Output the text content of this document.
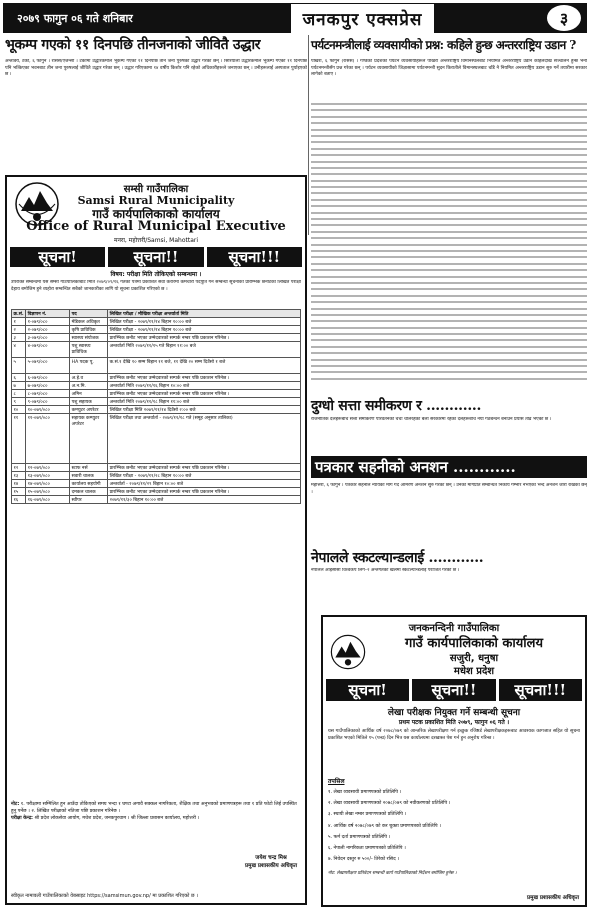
२०७९ फागुन ०६ गते शनिबार	जनकपुर एक्सप्रेस	३
भूकम्प गएको ११ दिनपछि तीनजनाको जीवितै उद्धार
अन्ताक्य, टर्की, ६ फागुन । रासस/एजेन्सी । टर्कीमा उद्धारकर्मीले भूकम्प गएको ११ दिनपछि तीन जना पुरुषको उद्धार गरेका छन् । सिरियाली उद्धारकर्मीले भूकम्प गएको ११ दिनपछि पनि भत्किएका भवनबाट तीन जना पुरुषलाई जीवितै उद्धार गरेका छन् । उद्धार गरिएकामा १४ वर्षीय किशोर पनि रहेको अधिकारीहरूले जनाएका छन् । उनीहरूलाई अस्पताल पुर्याइएको छ ।
पर्यटनमन्त्रीलाई व्यवसायीको प्रश्न: कहिले हुन्छ अन्तरराष्ट्रिय उडान ?
पोखरा, ६ फागुन (रासस) । गण्डकी प्रदेशका पर्यटन व्यवसायीहरूले पोखरा अन्तरराष्ट्रिय विमानस्थलबाट नियमित अन्तरराष्ट्रिय उडान कहिलेदेखि सञ्चालन हुन्छ भनी पर्यटनमन्त्रीसँग प्रश्न गरेका छन् । पर्यटन व्यवसायीको जिज्ञासामा पर्यटनमन्त्री सुदन किरातीले विमानस्थलबाट चाँडै नै नियमित अन्तरराष्ट्रिय उडान सुरु गर्ने तयारीमा सरकार लागेको बताए ।
सम्सी गाउँपालिका
Samsi Rural Municipality
गाउँ कार्यपालिकाको कार्यालय
Office of Rural Municipal Executive
मनरा, महोत्तरी/Samsi, Mahottari
सूचना!	सूचना!!	सूचना!!!
विषय: परीक्षा मिति तोकिएको सम्बन्धमा ।
उपरोक्त सम्बन्धमा यस सम्सी गाउँपालिकाबाट मिति २०७९/०९/१६ गतेका पत्रमा प्रकाशित सेवा करारमा कर्मचारी पदपूर्ति गर्ने सम्बन्धी सूचनाको प्रारम्भिक छनौटको लिखित परीक्षा देहाय बमोजिम हुने व्यहोरा सम्बन्धित सबैको जानकारीका लागि यो सूचना प्रकाशित गरिएको छ ।
क्र.सं.	विज्ञापन नं.	पद	लिखित परीक्षा / मौखिक परीक्षा अन्तर्वार्ता मिति
१	१-०७९/०८०	मेडिकल अधिकृत	लिखित परीक्षा - २०७९/११/१४ बिहान १०:०० बजे
२	२-०७९/०८०	कृषि प्राविधिक	लिखित परीक्षा - २०७९/११/१४ बिहान १०:०० बजे
३	३-०७९/०८०	स्वास्थ्य संयोजक	प्रारम्भिक छनौट भएका उम्मेदवारको सम्पर्क नम्बर पछि प्रकाशन गरिनेछ ।
४	४-०७९/०८०	पशु स्वास्थ्य प्राविधिक	अन्तर्वार्ता मिति २०७९/११/१५ गते बिहान ११:०० बजे
५	५-०७९/०८०	HA पदक पू.	क.सं.१ देखि १० सम्म बिहान ११ बजे, ११ देखि २० सम्म दिउँसो १ बजे
६	६-०७९/०८०	अ.हे.व	प्रारम्भिक छनौट भएका उम्मेदवारको सम्पर्क नम्बर पछि प्रकाशन गरिनेछ ।
७	७-०७९/०८०	अ.न.मि.	अन्तर्वार्ता मिति २०७९/११/१६ बिहान १०:०० बजे
८	८-०७९/०८०	अमिन	प्रारम्भिक छनौट भएका उम्मेदवारको सम्पर्क नम्बर पछि प्रकाशन गरिनेछ ।
९	९-०७९/०८०	पशु सहायक	अन्तर्वार्ता मिति २०७९/११/१८ बिहान ११:०० बजे
१०	१०-०७९/०८०	कम्प्युटर अपरेटर	लिखित परीक्षा मिति २०७९/११/१४ दिउँसो २:०० बजे
११	११-०७९/०८०	सहायक कम्प्युटर अपरेटर	लिखित परीक्षा तथा अन्तर्वार्ता - २०७९/११/१८ गते (समूह अनुसार तालिका)
१२	१२-०७९/०८०	स्टाफ नर्स	प्रारम्भिक छनौट भएका उम्मेदवारको सम्पर्क नम्बर पछि प्रकाशन गरिनेछ ।
१३	१३-०७९/०८०	सवारी चालक	लिखित परीक्षा - २०७९/११/२८ बिहान १०:०० बजे
१४	१४-०७९/०८०	कार्यालय सहयोगी	अन्तर्वार्ता - २०७९/११/२९ बिहान १०:०० बजे
१५	१५-०७९/०८०	दमकल चालक	प्रारम्भिक छनौट भएका उम्मेदवारको सम्पर्क नम्बर पछि प्रकाशन गरिनेछ ।
१६	१६-०७९/०८०	स्वीपर	२०७९/११/३० बिहान १०:०० बजे
नोट: १. परीक्षामा सम्मिलित हुन आउँदा तोकिएको समय भन्दा १ घण्टा अगावै सक्कल नागरिकता, शैक्षिक तथा अनुभवको प्रमाणपत्रहरू तथा १ प्रति फोटो लिई उपस्थित हुनु पर्नेछ । २. लिखित परीक्षाको नतिजा पछि प्रकाशन गरिनेछ ।
परीक्षा केन्द्र: श्री प्रदेश लोकसेवा आयोग, मधेश प्रदेश, जनकपुरधाम । श्री जिल्ला प्रशासन कार्यालय, महोत्तरी ।
जयेश चन्द्र मिश्र
प्रमुख प्रशासकीय अधिकृत
स्वीकृत नामावली गाउँपालिकाको वेबसाइट https://samsimun.gov.np/ मा प्रकाशित गरिएको छ ।
दुग्धो सत्ता समीकरण र ............
राजनीतिक दलहरूबीच सत्ता समीकरण परिवर्तनको चर्चा चलिरहेका बेला सरकारमा रहेका दलहरूबीच नयाँ गठबन्धन बनाउने प्रयास तीव्र भएको छ ।
पत्रकार सहनीको अनशन ............
महोत्तरी, ६ फागुन । पत्रकार सहनीले न्यायको माग गर्दै आमरण अनशन सुरु गरेका छन् । उनको मागप्रति सम्बन्धित निकाय गम्भीर नभएको भन्दै अनशन जारी राखेका छन् ।
नेपालले स्कटल्यान्डलाई ............
नेपालले आईसीसी विश्वकप लिग–२ अन्तर्गतको खेलमा स्कटल्यान्डलाई पराजित गरेको छ ।
जनकनन्दिनी गाउँपालिका
गाउँ कार्यपालिकाको कार्यालय
सजुरी, धनुषा
मधेश प्रदेश
सूचना!	सूचना!!	सूचना!!!
लेखा परीक्षक नियुक्त गर्ने सम्बन्धी सूचना
प्रथम पटक प्रकाशित मिति २०७९, फागुन ०६ गते ।
यस गाउँपालिकाको आर्थिक वर्ष २०७८/०७९ को आन्तरिक लेखापरीक्षण गर्न इच्छुक रजिष्टर्ड लेखापरीक्षकहरूबाट आवश्यक कागजात सहित यो सूचना प्रकाशित भएको मितिले १५ (पन्ध्र) दिन भित्र यस कार्यालयमा दरखास्त पेश गर्न हुन अनुरोध गरिन्छ ।
तपसिल
१. लेखा व्यवसायी प्रमाणपत्रको प्रतिलिपि ।
२. लेखा व्यवसायी प्रमाणपत्रको २०७८/०७९ को नवीकरणको प्रतिलिपि ।
३. स्थायी लेखा नम्बर प्रमाणपत्रको प्रतिलिपि ।
४. आर्थिक वर्ष २०७८/०७९ को कर चुक्ता प्रमाणपत्रको प्रतिलिपि ।
५. फर्म दर्ता प्रमाणपत्रको प्रतिलिपि ।
६. नेपाली नागरिकता प्रमाणपत्रको प्रतिलिपि ।
७. निवेदन दस्तुर रु ५००/- तिरेको रसिद ।
नोट: लेखापरीक्षण प्रतिवेदन सम्बन्धी कार्य गाउँपालिकाको निर्देशन बमोजिम हुनेछ ।
प्रमुख प्रशासकीय अधिकृत
